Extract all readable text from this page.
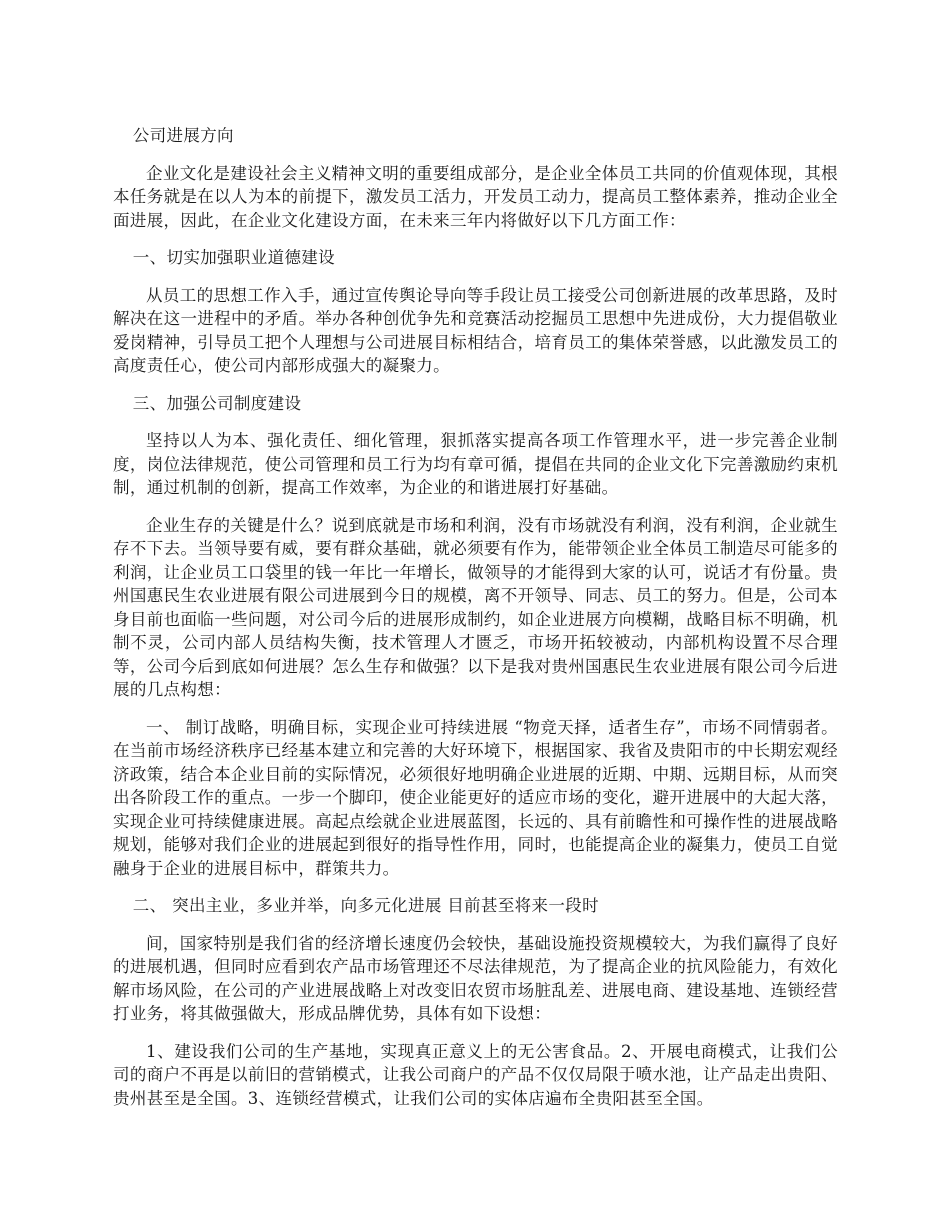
公司进展方向

企业文化是建设社会主义精神文明的重要组成部分，是企业全体员工共同的价值观体现，其根本任务就是在以人为本的前提下，激发员工活力，开发员工动力，提高员工整体素养，推动企业全面进展，因此，在企业文化建设方面，在未来三年内将做好以下几方面工作：

一、切实加强职业道德建设

从员工的思想工作入手，通过宣传舆论导向等手段让员工接受公司创新进展的改革思路，及时解决在这一进程中的矛盾。举办各种创优争先和竞赛活动挖掘员工思想中先进成份，大力提倡敬业爱岗精神，引导员工把个人理想与公司进展目标相结合，培育员工的集体荣誉感，以此激发员工的高度责任心，使公司内部形成强大的凝聚力。

三、加强公司制度建设

坚持以人为本、强化责任、细化管理，狠抓落实提高各项工作管理水平，进一步完善企业制度，岗位法律规范，使公司管理和员工行为均有章可循，提倡在共同的企业文化下完善激励约束机制，通过机制的创新，提高工作效率，为企业的和谐进展打好基础。

企业生存的关键是什么？说到底就是市场和利润，没有市场就没有利润，没有利润，企业就生存不下去。当领导要有威，要有群众基础，就必须要有作为，能带领企业全体员工制造尽可能多的利润，让企业员工口袋里的钱一年比一年增长，做领导的才能得到大家的认可，说话才有份量。贵州国惠民生农业进展有限公司进展到今日的规模，离不开领导、同志、员工的努力。但是，公司本身目前也面临一些问题，对公司今后的进展形成制约，如企业进展方向模糊，战略目标不明确，机制不灵，公司内部人员结构失衡，技术管理人才匮乏，市场开拓较被动，内部机构设置不尽合理等，公司今后到底如何进展？怎么生存和做强？以下是我对贵州国惠民生农业进展有限公司今后进展的几点构想：

一、 制订战略，明确目标，实现企业可持续进展 “物竞天择，适者生存”，市场不同情弱者。在当前市场经济秩序已经基本建立和完善的大好环境下，根据国家、我省及贵阳市的中长期宏观经济政策，结合本企业目前的实际情况，必须很好地明确企业进展的近期、中期、远期目标，从而突出各阶段工作的重点。一步一个脚印，使企业能更好的适应市场的变化，避开进展中的大起大落，实现企业可持续健康进展。高起点绘就企业进展蓝图，长远的、具有前瞻性和可操作性的进展战略规划，能够对我们企业的进展起到很好的指导性作用，同时，也能提高企业的凝集力，使员工自觉融身于企业的进展目标中，群策共力。

二、 突出主业，多业并举，向多元化进展 目前甚至将来一段时

间，国家特别是我们省的经济增长速度仍会较快，基础设施投资规模较大，为我们赢得了良好的进展机遇，但同时应看到农产品市场管理还不尽法律规范，为了提高企业的抗风险能力，有效化解市场风险，在公司的产业进展战略上对改变旧农贸市场脏乱差、进展电商、建设基地、连锁经营打业务，将其做强做大，形成品牌优势，具体有如下设想：

1、建设我们公司的生产基地，实现真正意义上的无公害食品。2、开展电商模式，让我们公司的商户不再是以前旧的营销模式，让我公司商户的产品不仅仅局限于喷水池，让产品走出贵阳、贵州甚至是全国。3、连锁经营模式，让我们公司的实体店遍布全贵阳甚至全国。
